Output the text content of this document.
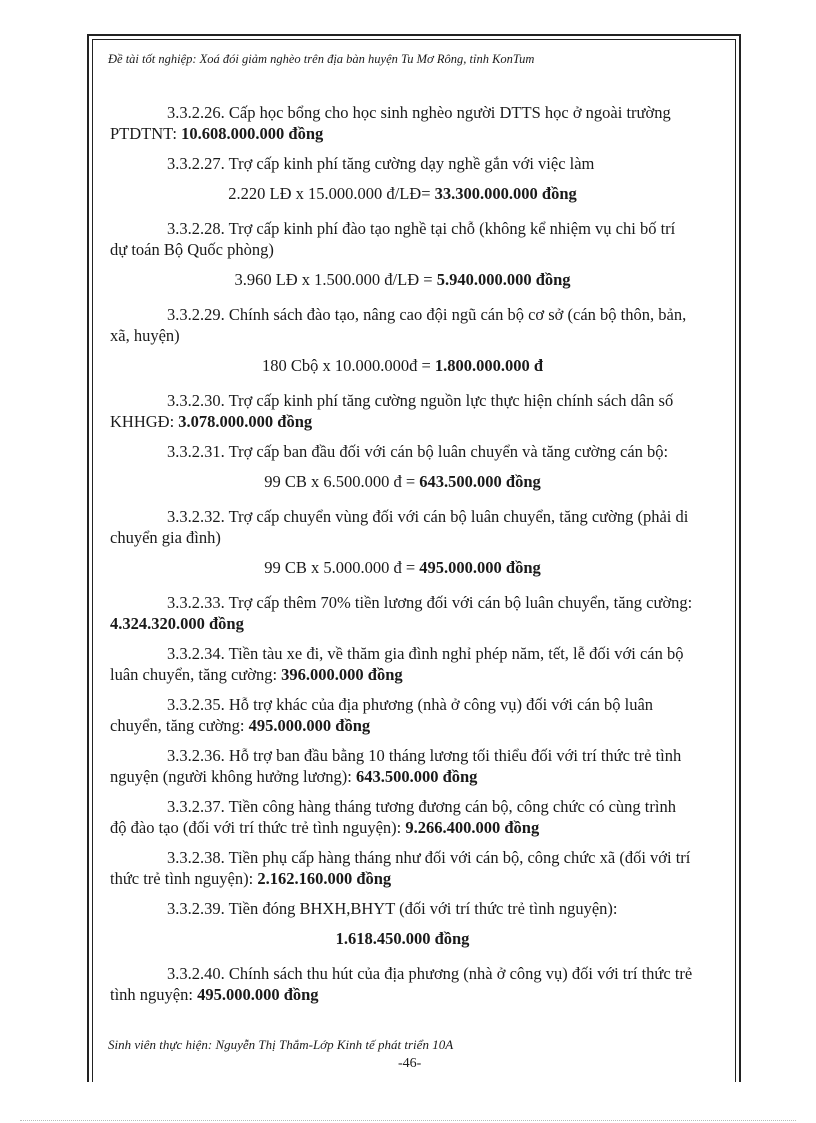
Đề tài tốt nghiệp: Xoá đói giảm nghèo trên địa bàn huyện Tu Mơ Rông, tỉnh KonTum

3.3.2.26. Cấp học bổng cho học sinh nghèo người DTTS học ở ngoài trường PTDTNT: 10.608.000.000 đồng

3.3.2.27. Trợ cấp kinh phí tăng cường dạy nghề gắn với việc làm

2.220 LĐ x 15.000.000 đ/LĐ= 33.300.000.000 đồng

3.3.2.28. Trợ cấp kinh phí đào tạo nghề tại chỗ (không kể nhiệm vụ chi bố trí dự toán Bộ Quốc phòng)

3.960 LĐ x 1.500.000 đ/LĐ = 5.940.000.000 đồng

3.3.2.29. Chính sách đào tạo, nâng cao đội ngũ cán bộ cơ sở (cán bộ thôn, bản, xã, huyện)

180 Cbộ x 10.000.000đ = 1.800.000.000 đ

3.3.2.30. Trợ cấp kinh phí tăng cường nguồn lực thực hiện chính sách dân số KHHGĐ: 3.078.000.000 đồng

3.3.2.31. Trợ cấp ban đầu đối với cán bộ luân chuyển và tăng cường cán bộ:

99 CB x 6.500.000 đ = 643.500.000 đồng

3.3.2.32. Trợ cấp chuyển vùng đối với cán bộ luân chuyển, tăng cường (phải di chuyển gia đình)

99 CB x 5.000.000 đ = 495.000.000 đồng

3.3.2.33. Trợ cấp thêm 70% tiền lương đối với cán bộ luân chuyển, tăng cường: 4.324.320.000 đồng

3.3.2.34. Tiền tàu xe đi, về thăm gia đình nghỉ phép năm, tết, lễ đối với cán bộ luân chuyển, tăng cường: 396.000.000 đồng

3.3.2.35. Hỗ trợ khác của địa phương (nhà ở công vụ) đối với cán bộ luân chuyển, tăng cường: 495.000.000 đồng

3.3.2.36. Hỗ trợ ban đầu bằng 10 tháng lương tối thiểu đối với trí thức trẻ tình nguyện (người không hưởng lương): 643.500.000 đồng

3.3.2.37. Tiền công hàng tháng tương đương cán bộ, công chức có cùng trình độ đào tạo (đối với trí thức trẻ tình nguyện): 9.266.400.000 đồng

3.3.2.38. Tiền phụ cấp hàng tháng như đối với cán bộ, công chức xã (đối với trí thức trẻ tình nguyện): 2.162.160.000 đồng

3.3.2.39. Tiền đóng BHXH,BHYT (đối với trí thức trẻ tình nguyện):

1.618.450.000 đồng

3.3.2.40. Chính sách thu hút của địa phương (nhà ở công vụ) đối với trí thức trẻ tình nguyện: 495.000.000 đồng

Sinh viên thực hiện: Nguyễn Thị Thắm-Lớp Kinh tế phát triển 10A
-46-
